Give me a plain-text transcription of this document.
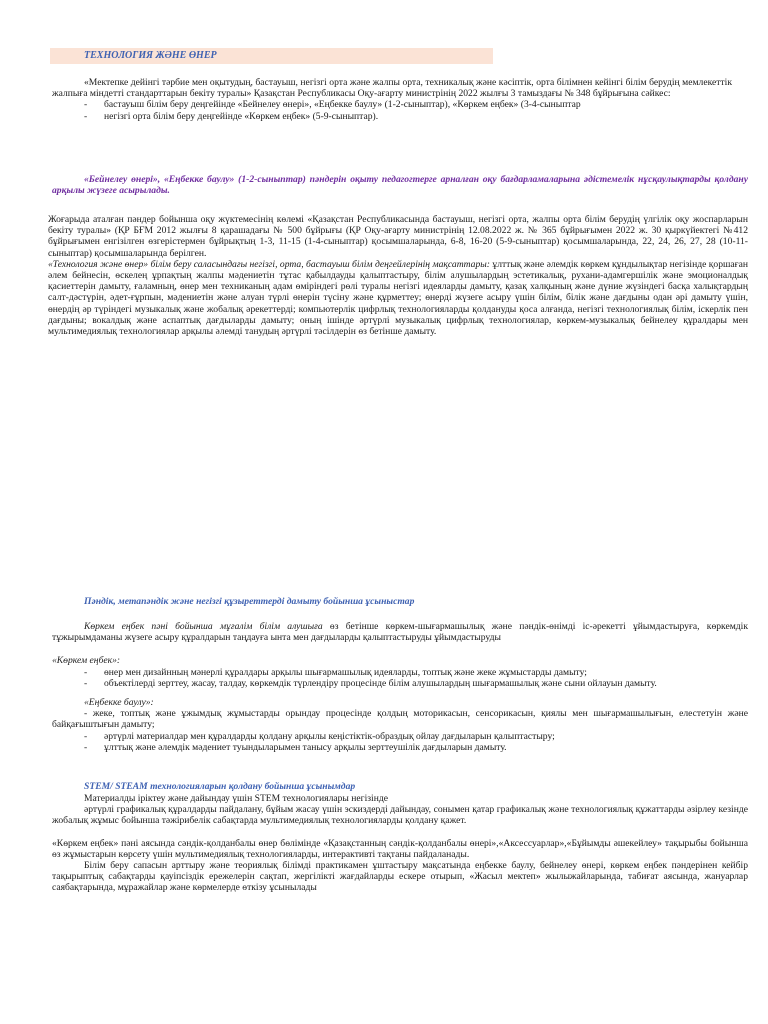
ТЕХНОЛОГИЯ ЖӘНЕ ӨНЕР

«Мектепке дейінгі тәрбие мен оқытудың, бастауыш, негізгі орта және жалпы орта, техникалық және кәсіптік, орта білімнен кейінгі білім берудің мемлекеттік жалпыға міндетті стандарттарын бекіту туралы» Қазақстан Республикасы Оқу-ағарту министрінің 2022 жылғы 3 тамыздағы № 348 бұйрығына сәйкес:

- бастауыш білім беру деңгейінде «Бейнелеу өнері», «Еңбекке баулу» (1-2-сыныптар), «Көркем еңбек» (3-4-сыныптар
- негізгі орта білім беру деңгейінде «Көркем еңбек» (5-9-сыныптар).
«Бейнелеу өнері», «Еңбекке баулу» (1-2-сыныптар) пәндерін оқыту педагогтерге арналған оқу бағдарламаларына әдістемелік нұсқаулықтарды қолдану арқылы жүзеге асырылады.

Жоғарыда аталған пәндер бойынша оқу жүктемесінің көлемі «Қазақстан Республикасында бастауыш, негізгі орта, жалпы орта білім берудің үлгілік оқу жоспарларын бекіту туралы» (ҚР БҒМ 2012 жылғы 8 қарашадағы № 500 бұйрығы (ҚР Оқу-ағарту министрінің 12.08.2022 ж. № 365 бұйрығымен 2022 ж. 30 қыркүйектегі №412 бұйрығымен енгізілген өзгерістермен бұйрықтың 1-3, 11-15 (1-4-сыныптар) қосымшаларында, 6-8, 16-20 (5-9-сыныптар) қосымшаларында, 22, 24, 26, 27, 28 (10-11-сыныптар) қосымшаларында берілген.

«Технология және өнер» білім беру саласындағы негізгі, орта, бастауыш білім деңгейлерінің мақсаттары: ұлттық және әлемдік көркем құндылықтар негізінде қоршаған әлем бейнесін, өскелең ұрпақтың жалпы мәдениетін тұтас қабылдауды қалыптастыру, білім алушылардың эстетикалық, рухани-адамгершілік және эмоционалдық қасиеттерін дамыту, ғаламның, өнер мен техниканың адам өміріндегі рөлі туралы негізгі идеяларды дамыту, қазақ халқының және дүние жүзіндегі басқа халықтардың салт-дәстүрін, әдет-ғұрпын, мәдениетін және алуан түрлі өнерін түсіну және құрметтеу; өнерді жүзеге асыру үшін білім, білік және дағдыны одан әрі дамыту үшін, өнердің әр түріндегі музыкалық және жобалық әрекеттерді; компьютерлік цифрлық технологияларды қолдануды қоса алғанда, негізгі технологиялық білім, іскерлік пен дағдыны; вокалдық және аспаптық дағдыларды дамыту; оның ішінде әртүрлі музыкалық цифрлық технологиялар, көркем-музыкалық бейнелеу құралдары мен мультимедиялық технологиялар арқылы әлемді танудың әртүрлі тәсілдерін өз бетінше дамыту.

Пәндік, метапәндік және негізгі құзыреттерді дамыту бойынша ұсыныстар

Көркем еңбек пәні бойынша мұғалім білім алушыға өз бетінше көркем-шығармашылық және пәндік-өнімді іс-әрекетті ұйымдастыруға, көркемдік тұжырымдаманы жүзеге асыру құралдарын таңдауға ынта мен дағдыларды қалыптастыруды ұйымдастыруды

«Көркем еңбек»:

- өнер мен дизайнның мәнерлі құралдары арқылы шығармашылық идеяларды, топтық және жеке жұмыстарды дамыту;
- объектілерді зерттеу, жасау, талдау, көркемдік түрлендіру процесінде білім алушылардың шығармашылық және сыни ойлауын дамыту.

«Еңбекке баулу»:

- жеке, топтық және ұжымдық жұмыстарды орындау процесінде қолдың моторикасын, сенсорикасын, қиялы мен шығармашылығын, елестетуін және байқағыштығын дамыту;

- әртүрлі материалдар мен құралдарды қолдану арқылы кеңістіктік-образдық ойлау дағдыларын қалыптастыру;
- ұлттық және әлемдік мәдениет туындыларымен танысу арқылы зерттеушілік дағдыларын дамыту.
STEM/ STEAM технологияларын қолдану бойынша ұсынымдар

Материалды іріктеу және дайындау үшін STEM технологиялары негізінде

әртүрлі графикалық құралдарды пайдалану, бұйым жасау үшін эскиздерді дайындау, сонымен қатар графикалық және технологиялық құжаттарды әзірлеу кезінде жобалық жұмыс бойынша тәжірибелік сабақтарда мультимедиялық технологияларды қолдану қажет.

«Көркем еңбек» пәні аясында сәндік-қолданбалы өнер бөлімінде «Қазақстанның сәндік-қолданбалы өнері»,«Аксессуарлар»,«Бұйымды әшекейлеу» тақырыбы бойынша өз жұмыстарын көрсету үшін мультимедиялық технологияларды, интерактивті тақтаны пайдаланады.

Білім беру сапасын арттыру және теориялық білімді практикамен ұштастыру мақсатында еңбекке баулу, бейнелеу өнері, көркем еңбек пәндерінен кейбір тақырыптық сабақтарды қауіпсіздік ережелерін сақтап, жергілікті жағдайларды ескере отырып, «Жасыл мектеп» жылыжайларында, табиғат аясында, жануарлар саябақтарында, мұражайлар және көрмелерде өткізу ұсынылады
